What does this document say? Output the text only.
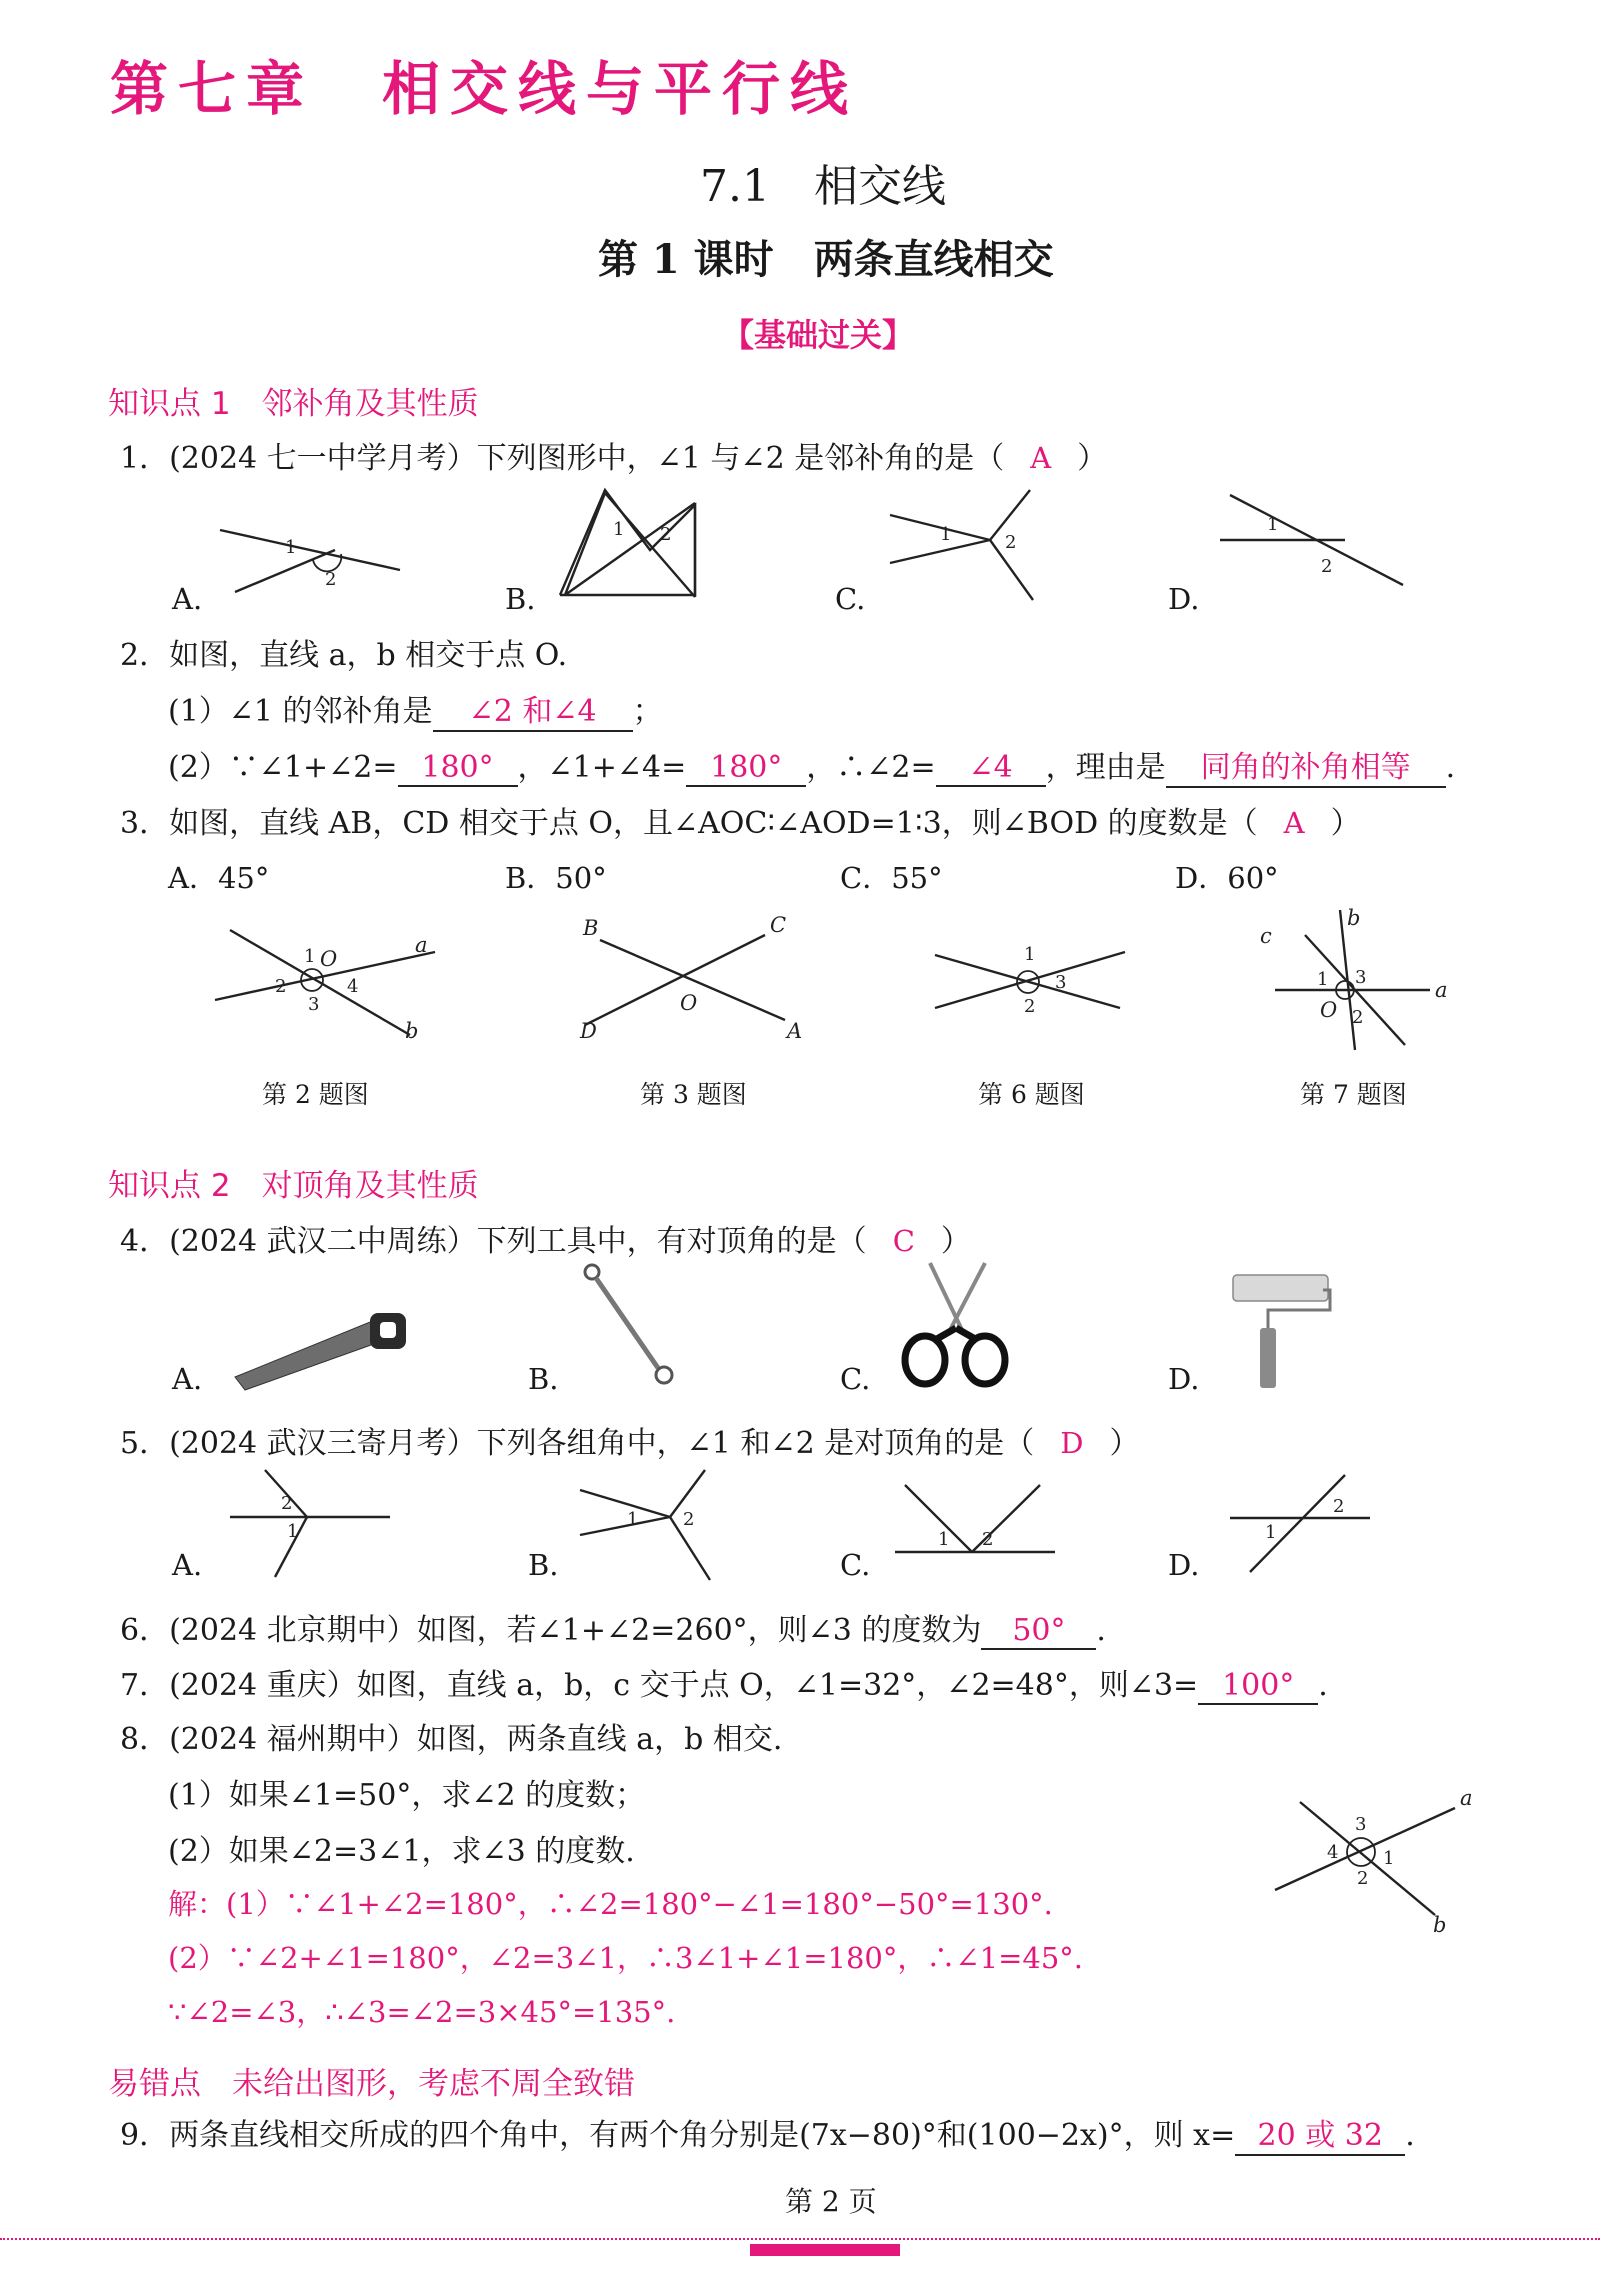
第七章　相交线与平行线
7.1　相交线
第 1 课时　两条直线相交
【基础过关】
知识点 1　邻补角及其性质
1．(2024 七一中学月考）下列图形中，∠1 与∠2 是邻补角的是（ A ）
A.	B.	C.	D.
1
2
1 2	1	2
1
2
2．如图，直线 a，b 相交于点 O.
(1）∠1 的邻补角是 ∠2 和∠4 ；
(2）∵∠1+∠2= 180° ，∠1+∠4= 180° ，∴∠2= ∠4 ，理由是 同角的补角相等 .
3．如图，直线 AB，CD 相交于点 O，且∠AOC∶∠AOD=1∶3，则∠BOD 的度数是（ A ）
A．45°	B．50°	C．55°	D．60°
1 O
a
2	4
3
b
B	C
O
D	A
1
3
2
b
c
3
1	a
O 2
第 2 题图	第 3 题图	第 6 题图	第 7 题图
知识点 2　对顶角及其性质
4．(2024 武汉二中周练）下列工具中，有对顶角的是（ C ）
A.	B.	C.	D.
5．(2024 武汉三寄月考）下列各组角中，∠1 和∠2 是对顶角的是（ D ）
A.	B.	C.	D.
2
1
1 2
1 2
2
1
6．(2024 北京期中）如图，若∠1+∠2=260°，则∠3 的度数为 50° .
7．(2024 重庆）如图，直线 a，b，c 交于点 O，∠1=32°，∠2=48°，则∠3= 100° .
8．(2024 福州期中）如图，两条直线 a，b 相交.
(1）如果∠1=50°，求∠2 的度数；
(2）如果∠2=3∠1，求∠3 的度数.
解：(1）∵∠1+∠2=180°，∴∠2=180°−∠1=180°−50°=130°.
(2）∵∠2+∠1=180°，∠2=3∠1，∴3∠1+∠1=180°，∴∠1=45°.
∵∠2=∠3，∴∠3=∠2=3×45°=135°.
3
a
4 1
2
b
易错点　未给出图形，考虑不周全致错
9．两条直线相交所成的四个角中，有两个角分别是(7x−80)°和(100−2x)°，则 x= 20 或 32 .
第 2 页
